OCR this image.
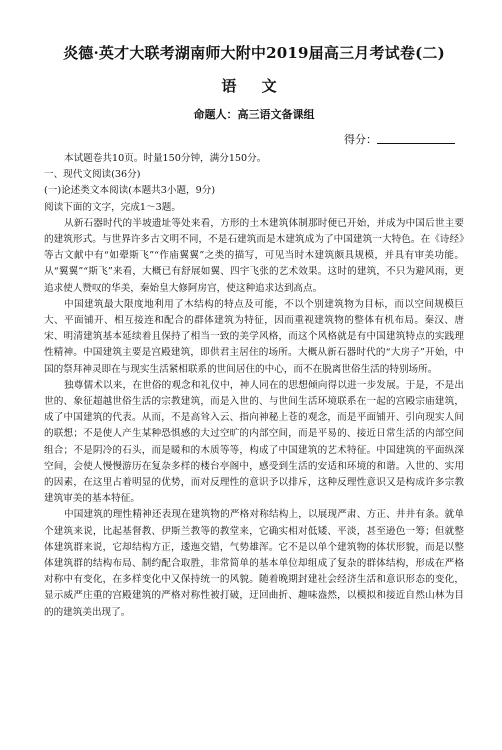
炎德·英才大联考湖南师大附中2019届高三月考试卷(二)
语 文
命题人：高三语文备课组
得分：
本试题卷共10页。时量150分钟，满分150分。
一、现代文阅读(36分)
(一)论述类文本阅读(本题共3小题，9分)
阅读下面的文字，完成1～3题。
从新石器时代的半坡遗址等处来看，方形的土木建筑体制那时便已开始，并成为中国后世主要的建筑形式。与世界许多古文明不同，不是石建筑而是木建筑成为了中国建筑一大特色。在《诗经》等古文献中有“如翚斯飞”“作庙翼翼”之类的描写，可见当时木建筑颇具规模，并具有审美功能。从“翼翼”“斯飞”来看，大概已有舒展如翼、四宇飞张的艺术效果。这时的建筑，不只为避风雨，更追求使人赞叹的华美，秦始皇大修阿房宫，使这种追求达到高点。
中国建筑最大限度地利用了木结构的特点及可能，不以个别建筑物为目标，而以空间规模巨大、平面铺开、相互接连和配合的群体建筑为特征，因而重视建筑物的整体有机布局。秦汉、唐宋、明清建筑基本延续着且保持了相当一致的美学风格，而这个风格就是有中国建筑特点的实践理性精神。中国建筑主要是宫殿建筑，即供君主居住的场所。大概从新石器时代的“大房子”开始，中国的祭拜神灵即在与现实生活紧相联系的世间居住的中心，而不在脱离世俗生活的特别场所。
独尊儒术以来，在世俗的观念和礼仪中，神人同在的思想倾向得以进一步发展。于是，不是出世的、象征超越世俗生活的宗教建筑，而是入世的、与世间生活环境联系在一起的宫殿宗庙建筑，成了中国建筑的代表。从而，不是高耸入云、指向神秘上苍的观念，而是平面铺开、引向现实人间的联想；不是使人产生某种恐惧感的大过空旷的内部空间，而是平易的、接近日常生活的内部空间组合；不是阴冷的石头，而是暖和的木质等等，构成了中国建筑的艺术特征。中国建筑的平面纵深空间，会使人慢慢游历在复杂多样的楼台亭阁中，感受到生活的安适和环境的和谐。入世的、实用的因素，在这里占着明显的优势，而对反理性的意识予以排斥，这种反理性意识又是构成许多宗教建筑审美的基本特征。
中国建筑的理性精神还表现在建筑物的严格对称结构上，以展现严肃、方正、井井有条。就单个建筑来说，比起基督教、伊斯兰教等的教堂来，它确实相对低矮、平淡，甚至逊色一筹；但就整体建筑群来说，它却结构方正，逶迤交错，气势雄浑。它不是以单个建筑物的体状形貌，而是以整体建筑群的结构布局、制约配合取胜，非常简单的基本单位却组成了复杂的群体结构，形成在严格对称中有变化，在多样变化中又保持统一的风貌。随着晚期封建社会经济生活和意识形态的变化，显示威严庄重的宫殿建筑的严格对称性被打破，迂回曲折、趣味盎然，以模拟和接近自然山林为目的的建筑美出现了。
